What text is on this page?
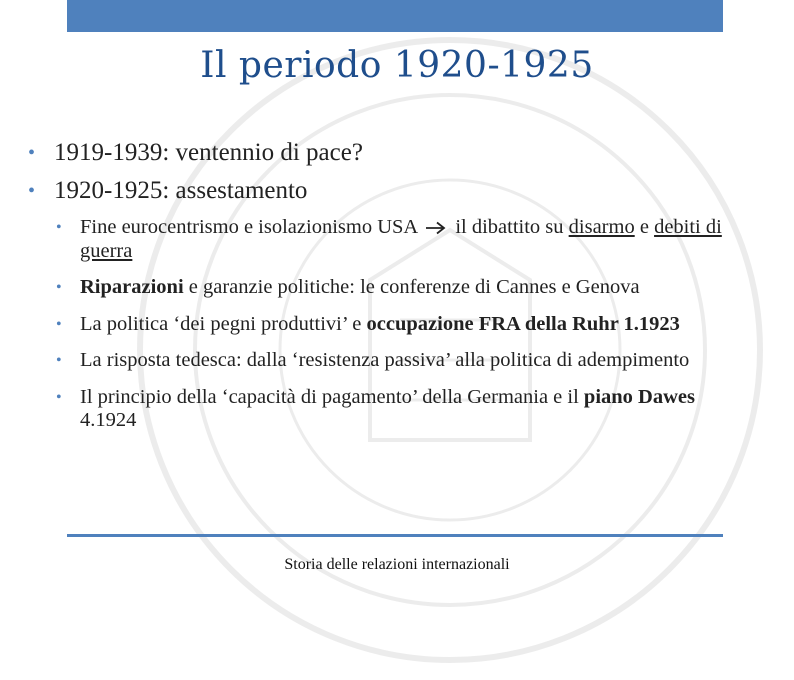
Il periodo 1920-1925
• 1919-1939: ventennio di pace?
• 1920-1925: assestamento
• Fine eurocentrismo e isolazionismo USA il dibattito su disarmo e debiti di guerra
• Riparazioni e garanzie politiche: le conferenze di Cannes e Genova
• La politica ‘dei pegni produttivi’ e occupazione FRA della Ruhr 1.1923
• La risposta tedesca: dalla ‘resistenza passiva’ alla politica di adempimento
• Il principio della ‘capacità di pagamento’ della Germania e il piano Dawes 4.1924
Storia delle relazioni internazionali
